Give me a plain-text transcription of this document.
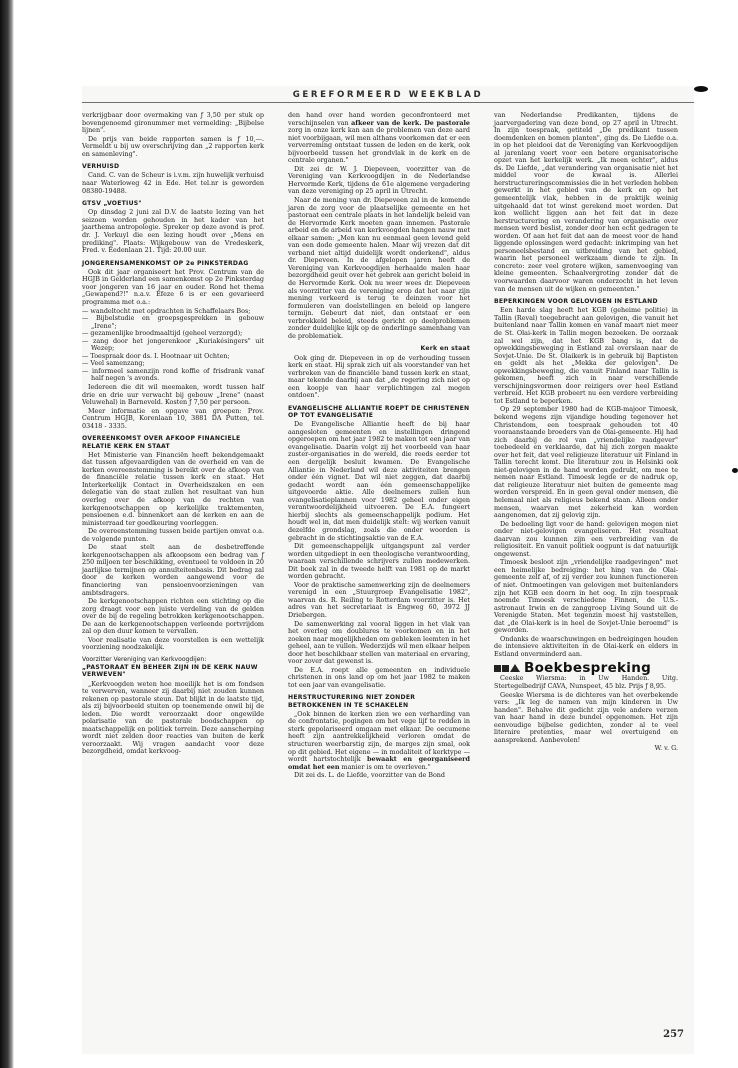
GEREFORMEERD WEEKBLAD

verkrijgbaar door overmaking van ƒ 3,50 per stuk op bovengenoemd gironummer met vermelding: „Bijbelse lijnen".

De prijs van beide rapporten samen is ƒ 10,—. Vermeldt u bij uw overschrijving dan „2 rapporten kerk en samenleving".

VERHUISD

Cand. C. van de Scheur is i.v.m. zijn huwelijk verhuisd naar Waterloweg 42 in Ede. Het tel.nr is geworden 08380-19488.

GTSV „VOETIUS"

Op dinsdag 2 juni zal D.V. de laatste lezing van het seizoen worden gehouden in het kader van het jaarthema antropologie. Spreker op deze avond is prof. dr. J. Verkuyl die een lezing houdt over „Mens en prediking". Plaats: Wijkgebouw van de Vredeskerk, Fred. v. Eedenlaan 21. Tijd: 20.00 uur.

JONGERENSAMENKOMST OP 2e PINKSTERDAG

Ook dit jaar organiseert het Prov. Centrum van de HGJB in Gelderland een samenkomst op 2e Pinksterdag voor jongeren van 16 jaar en ouder. Rond het thema „Gewapend?!" n.a.v. Efeze 6 is er een gevarieerd programma met o.a.:

— wandeltocht met opdrachten in Schaffelaars Bos;
— Bijbelstudie en groepsgesprekken in gebouw „Irene";
— gezamenlijke broodmaaltijd (geheel verzorgd);
— zang door het jongerenkoor „Kuriakésingers" uit Wezep;
— Toespraak door ds. I. Hootnaar uit Ochten;
— Veel samenzang;
— informeel samenzijn rond koffie of frisdrank vanaf half negen 's avonds.

Iedereen die dit wil meemaken, wordt tussen half drie en drie uur verwacht bij gebouw „Irene" (naast Veluwehal) in Barneveld. Kosten ƒ 7,50 per persoon.

Meer informatie en opgave van groepen: Prov. Centrum HGJB, Korenlaan 10, 3881 DA Putten, tel. 03418 - 3335.

OVEREENKOMST OVER AFKOOP FINANCIELE RELATIE KERK EN STAAT

Het Ministerie van Financiën heeft bekendgemaakt dat tussen afgevaardigden van de overheid en van de kerken overeenstemming is bereikt over de afkoop van de financiële relatie tussen kerk en staat. Het Interkerkelijk Contact in Overheidszaken en een delegatie van de staat zullen het resultaat van hun overleg over de afkoop van de rechten van kerkgenootschappen op kerkelijke traktementen, pensioenen e.d. binnenkort aan de kerken en aan de ministerraad ter goedkeuring voorleggen.

De overeenstemming tussen beide partijen omvat o.a. de volgende punten.

De staat stelt aan de desbetreffende kerkgenootschappen als afkoopsom een bedrag van ƒ 250 miljoen ter beschikking, eventueel te voldoen in 20 jaarlijkse termijnen op annuïteitenbasis. Dit bedrag zal door de kerken worden aangewend voor de financiering van pensioenvoorzieningen van ambtsdragers.

De kerkgenootschappen richten een stichting op die zorg draagt voor een juiste verdeling van de gelden over de bij de regeling betrokken kerkgenootschappen. De aan de kerkgenootschappen verleende portvrijdom zal op den duur komen te vervallen.

Voor realisatie van deze voorstellen is een wettelijk voorziening noodzakelijk.

Voorzitter Vereniging van Kerkvoogdijen:
„PASTORAAT EN BEHEER ZIJN IN DE KERK NAUW VERWEVEN"

„Kerkvoogden weten hoe moeilijk het is om fondsen te verwerven, wanneer zij daarbij niet zouden kunnen rekenen op pastorale steun. Dat blijkt in de laatste tijd, als zij bijvoorbeeld stuiten op toenemende onwil bij de leden. Die wordt veroorzaakt door ongewilde polarisatie van de pastorale boodschappen op maatschappelijk en politiek terrein. Deze aanscherping wordt niet zelden door reacties van buiten de kerk veroorzaakt. Wij vragen aandacht voor deze bezorgdheid, omdat kerkvoog-

den hand over hand worden geconfronteerd met verschijnselen van afkeer van de kerk. De pastorale zorg in onze kerk kan aan de problemen van deze aard niet voorbijgaan, wil men althans voorkomen dat er een ververreming ontstaat tussen de leden en de kerk, ook bijvoorbeeld tussen het grondvlak in de kerk en de centrale organen."

Dit zei dr. W. J. Diepeveen, voorzitter van de Vereniging van Kerkvoogdijen in de Nederlandse Hervormde Kerk, tijdens de 61e algemene vergadering van deze vereniging op 25 april in Utrecht.

Naar de mening van dr. Diepeveen zal in de komende jaren de zorg voor de plaatselijke gemeente en het pastoraat een centrale plaats in het landelijk beleid van de Hervormde Kerk moeten gaan innemen. Pastorale arbeid en de arbeid van kerkvoogden hangen nauw met elkaar samen: „Men kan nu eenmaal geen levend geld van een dode gemeente halen. Maar wij vrezen dat dit verband niet altijd duidelijk wordt onderkend", aldus dr. Diepeveen. In de afgelopen jaren heeft de Vereniging van Kerkvoogdijen herhaalde malen haar bezorgdheid geuit over het gebrek aan gericht beleid in de Hervormde Kerk. Ook nu weer wees dr. Diepeveen als voorzitter van de vereniging erop dat het naar zijn mening verkeerd is terug te deinzen voor het formuleren van doelstellingen en beleid op langere termijn. Gebeurt dat niet, dan ontstaat er een verbrokkeld beleid, steeds gericht op deelproblemen zonder duidelijke kijk op de onderlinge samenhang van de problematiek.

Kerk en staat

Ook ging dr. Diepeveen in op de verhouding tussen kerk en staat. Hij sprak zich uit als voorstander van het verbreken van de financiële band tussen kerk en staat, maar tekende daarbij aan dat „de regering zich niet op een koopje van haar verplichtingen zal mogen ontdoen".

EVANGELISCHE ALLIANTIE ROEPT DE CHRISTENEN OP TOT EVANGELISATIE

De Evangelische Alliantie heeft de bij haar aangesloten gemeenten en instellingen dringend opgeroepen om het jaar 1982 te maken tot een jaar van evangelisatie. Daarin volgt zij het voorbeeld van haar zuster-organisaties in de wereld, die reeds eerder tot een dergelijk besluit kwamen. De Evangelische Alliantie in Nederland wil deze aktiviteiten brengen onder één vignet. Dat wil niet zeggen, dat daarbij gedacht wordt aan één gemeenschappelijke uitgevoerde aktie. Alle deelnemers zullen hun evangelisatieplannen voor 1982 geheel onder eigen verantwoordelijkheid uitvoeren. De E.A. fungeert hierbij slechts als gemeenschappelijk podium. Het houdt wel in, dat men duidelijk stelt: wij werken vanuit dezelfde grondslag, zoals die onder woorden is gebracht in de stichtingsaktie van de E.A.

Dit gemeenschappelijk uitgangspunt zal verder worden uitgediept in een theologische verantwoording, waaraan verschillende schrijvers zullen medewerken. Dit boek zal in de tweede helft van 1981 op de markt worden gebracht.

Voor de praktische samenwerking zijn de deelnemers verenigd in een „Stuurgroep Evangelisatie 1982", waarvan ds. R. Reiling te Rotterdam voorzitter is. Het adres van het secretariaat is Engweg 60, 3972 JJ Driebergen.

De samenwerking zal vooral liggen in het vlak van het overleg om doublures te voorkomen en in het zoeken naar mogelijkheden om gebleken leemten in het geheel, aan te vullen. Wederzijds wil men elkaar helpen door het beschikbaar stellen van materiaal en ervaring, voor zover dat gewenst is.

De E.A. roept alle gemeenten en individuele christenen in ons land op om het jaar 1982 te maken tot een jaar van evangelisatie.

HERSTRUCTURERING NIET ZONDER BETROKKENEN IN TE SCHAKELEN

„Ook binnen de kerken zien we een verharding van de confrontatie, pogingen om het vege lijf te redden in sterk gepolariseerd omgaan met elkaar. De oecumene heeft zijn aantrekkelijkheid verloren omdat de structuren weerbarstig zijn, de marges zijn smal, ook op dit gebied. Het eigene — in modaliteit of kerktype — wordt hartstochtelijk bewaakt en georganiseerd omdat het een manier is om te overleven."

Dit zei ds. L. de Liefde, voorzitter van de Bond

van Nederlandse Predikanten, tijdens de jaarvergadering van deze bond, op 27 april in Utrecht. In zijn toespraak, getiteld „De predikant tussen doemdenken en bomen planten", ging ds. De Liefde o.a. in op het pleidooi dat de Vereniging van Kerkvoogdijen al jarenlang voert voor een betere organisatorische opzet van het kerkelijk werk. „Ik meen echter", aldus ds. De Liefde, „dat verandering van organisatie niet het middel voor de kwaal is. Allerlei herstructureringscommissies die in het verleden hebben gewerkt in het gebied van de kerk en op het gemeentelijk vlak, hebben in de praktijk weinig uitgehaald dat tot winst gerekend moet worden. Dat kon wellicht liggen aan het feit dat in deze herstructurering en verandering van organisatie over mensen werd beslist, zonder door hen echt gedragen te worden. Of aan het feit dat aan de meest voor de hand liggende oplossingen werd gedacht: inkrimping van het personeelsbestand en uitbreiding van het gebied, waarin het personeel werkzaam diende te zijn. In concreto: zeer veel grotere wijken, samenvoeging van kleine gemeenten. Schaalvergroting zonder dat de voorwaarden daarvoor waren onderzocht in het leven van de mensen uit de wijken en gemeenten."

BEPERKINGEN VOOR GELOVIGEN IN ESTLAND

Een harde slag heeft het KGB (geheime politie) in Tallin (Reval) toegebracht aan gelovigen, die vanuit het buitenland naar Tallin komen en vanaf maart niet meer de St. Olai-kerk in Tallin mogen bezoeken. De oorzaak zal wel zijn, dat het KGB bang is, dat de opwekkingsbeweging in Estland zal overslaan naar de Sovjet-Unie. De St. Olaikerk is in gebruik bij Baptisten en geldt als het „Mekka der gelovigen". De opwekkingsbeweging, die vanuit Finland naar Tallin is gekomen, heeft zich in naar verschillende verschijningsvormen door reizigers over heel Estland verbreid. Het KGB probeert nu een verdere verbreiding tot Estland te beperken.

Op 29 september 1980 had de KGB-majoor Timoesk, bekend wegens zijn vijandige houding tegenover het Christendom, een toespraak gehouden tot 40 vooraanstaande broeders van de Olai-gemeente. Hij had zich daarbij de rol van „vriendelijke raadgever" toebedeeld en verklaarde, dat hij zich zorgen maakte over het feit, dat veel religieuze literatuur uit Finland in Tallin terecht komt. Die literatuur zou in Helsinki ook niet-gelovigen in de hand worden gedrukt, om mee te nemen naar Estland. Timoesk legde er de nadruk op, dat religieuze literatuur niet buiten de gemeente mag worden verspreid. En in geen geval onder mensen, die helemaal niet als religieus bekend staan. Alleen onder mensen, waarvan met zekerheid kan worden aangenomen, dat zij gelovig zijn.

De bedoeling ligt voor de hand: gelovigen mogen niet onder niet-gelovigen evangeliseren. Het resultaat daarvan zou kunnen zijn een verbreiding van de religiositeit. En vanuit politiek oogpunt is dat natuurlijk ongewenst.

Timoesk besloot zijn „vriendelijke raadgevingen" met een heimelijke bedreiging: het hing van de Olai-gemeente zelf af, of zij verder zou kunnen functioneren of niet. Ontmoetingen van gelovigen met buitenlanders zijn het KGB een doorn in het oog. In zijn toespraak noemde Timoesk verschiedene Finnen, de U.S.-astronaut Irwin en de zanggroep Living Sound uit de Verenigde Staten. Met tegenzin moest hij vaststellen, dat „de Olai-kerk is in heel de Sovjet-Unie beroemd" is geworden.

Ondanks de waarschuwingen en bedreigingen houden de intensieve aktiviteiten in de Olai-kerk en elders in Estland onverminderd aan.

Boekbespreking

Ceeske Wiersma: in Uw Handen. Uitg. Stertegelbedrijf CAVA, Nunspeet, 45 blz. Prijs ƒ 8,95.

Geeske Wiersma is de dichteres van het overbekende vers: „Ik leg de namen van mijn kinderen in Uw handen". Behalve dit gedicht zijn vele andere verzen van haar hand in deze bundel opgenomen. Het zijn eenvoudige bijbelse gedichten, zonder al te veel literaire pretenties, maar wel overtuigend en aansprekend. Aanbevolen!

W. v. G.

257
